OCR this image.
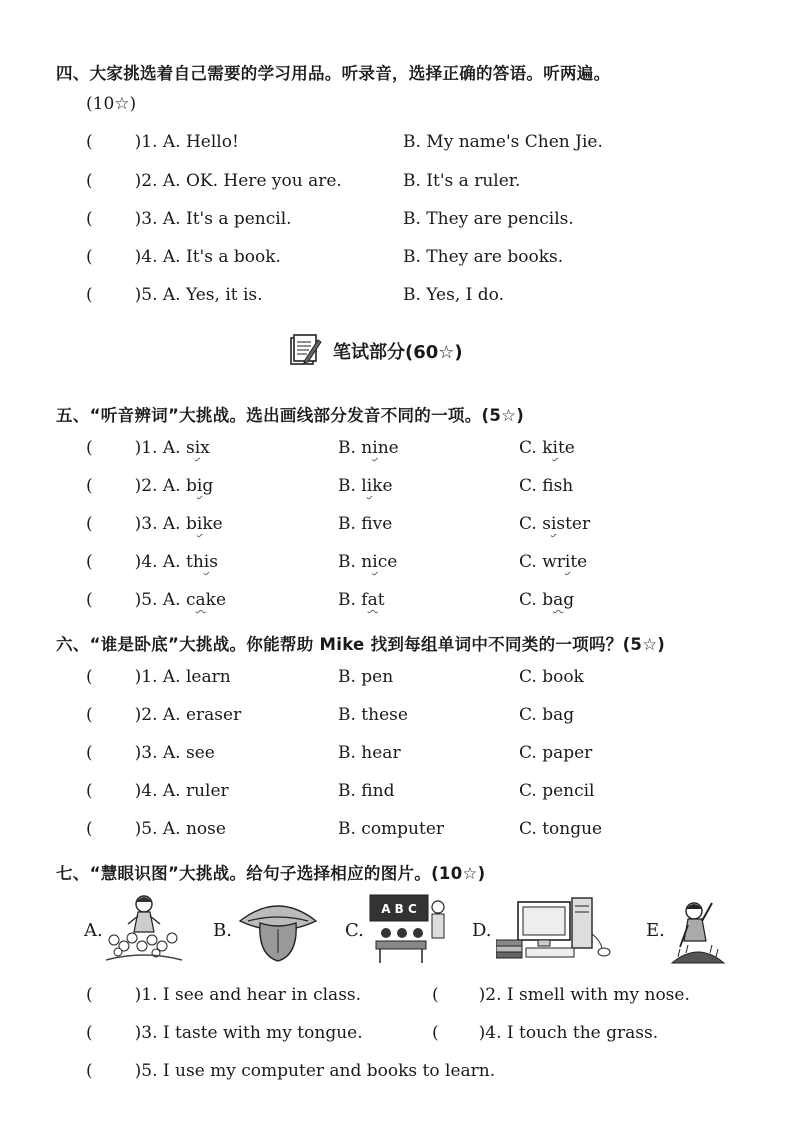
四、大家挑选着自己需要的学习用品。听录音，选择正确的答语。听两遍。
(10☆)
( )1. A. Hello!	B. My name's Chen Jie.
( )2. A. OK. Here you are.	B. It's a ruler.
( )3. A. It's a pencil.	B. They are pencils.
( )4. A. It's a book.	B. They are books.
( )5. A. Yes, it is.	B. Yes, I do.
笔试部分(60☆)
五、“听音辨词”大挑战。选出画线部分发音不同的一项。(5☆)
( )1. A. six	B. nine	C. kite
( )2. A. big	B. like	C. fsh
( )3. A. bike	B. fve	C. sister
( )4. A. this	B. nice	C. write
( )5. A. cake	B. fat	C. bag
六、“谁是卧底”大挑战。你能帮助 Mike 找到每组单词中不同类的一项吗？(5☆)
( )1. A. learn	B. pen	C. book
( )2. A. eraser	B. these	C. bag
( )3. A. see	B. hear	C. paper
( )4. A. ruler	B. find	C. pencil
( )5. A. nose	B. computer	C. tongue
七、“慧眼识图”大挑战。给句子选择相应的图片。(10☆)
A.	B.	C.
A B C
D.	E.
( )1. I see and hear in class.	( )2. I smell with my nose.
( )3. I taste with my tongue.	( )4. I touch the grass.
( )5. I use my computer and books to learn.
